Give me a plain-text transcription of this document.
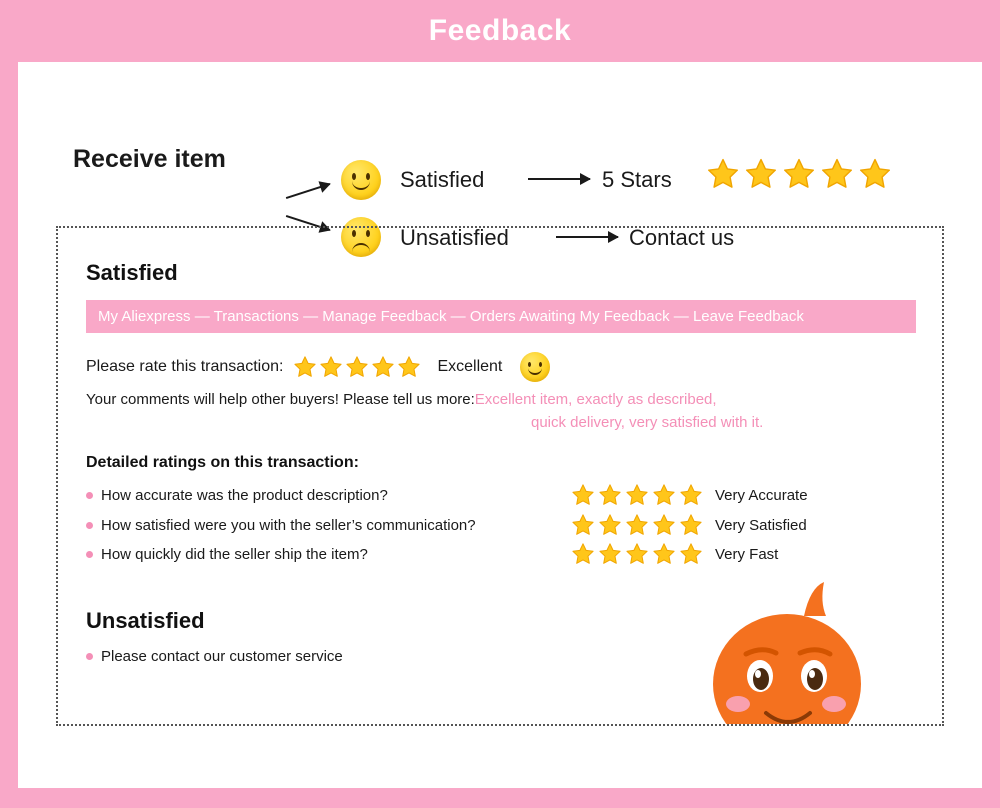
Feedback
Receive item
Satisfied
Unsatisfied
5 Stars
Contact us
Satisfied
My Aliexpress — Transactions — Manage Feedback — Orders Awaiting My Feedback — Leave Feedback
Please rate this transaction:	Excellent
Your comments will help other buyers! Please tell us more:Excellent item, exactly as described,
quick delivery, very satisfied with it.
Detailed ratings on this transaction:
How accurate was the product description?	Very Accurate
How satisfied were you with the seller’s communication?	Very Satisfied
How quickly did the seller ship the item?	Very Fast
Unsatisfied
Please contact our customer service
